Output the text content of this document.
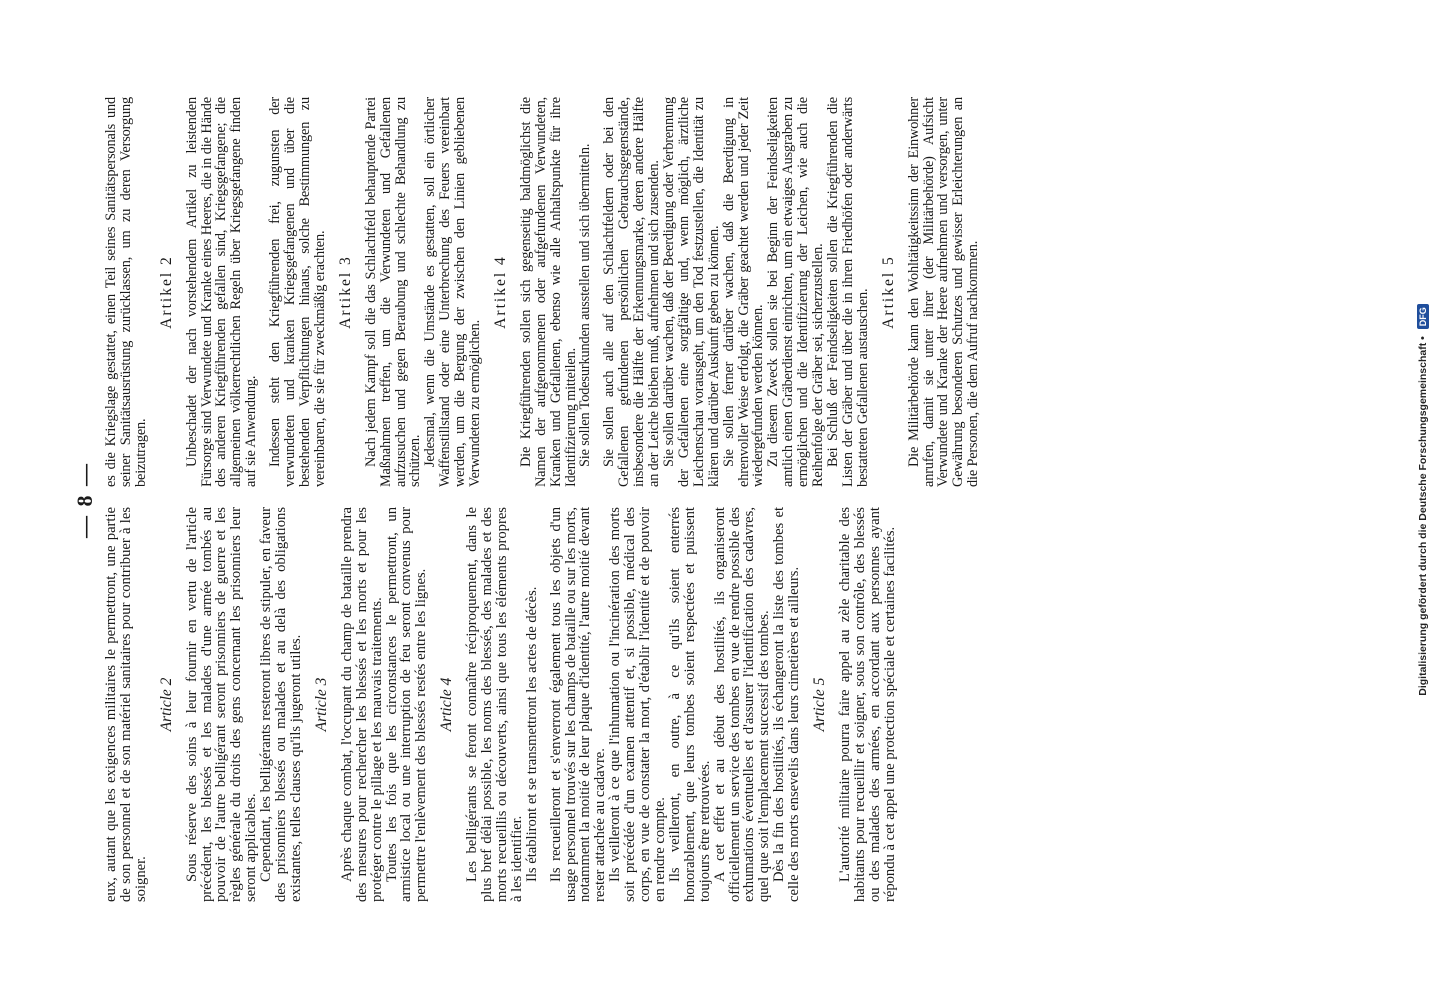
— 8 —

eux, autant que les exigences militaires le permettront, une partie de son personnel et de son matériel sanitaires pour contribuer à les soigner.

Article 2 Sous réserve des soins à leur fournir en vertu de l'article précédent, les blessés et les malades d'une armée tombés au pouvoir de l'autre belligérant seront prisonniers de guerre et les règles générale du droits des gens concernant les prisonniers leur seront applicables.

Cependant, les belligérants resteront libres de stipuler, en faveur des prisonniers blessés ou malades et au delà des obligations existantes, telles clauses qu'ils jugeront utiles. Article 3 Après chaque combat, l'occupant du champ de bataille prendra des mesures pour rechercher les blessés et les morts et pour les protéger contre le pillage et les mauvais traitements.

Toutes les fois que les circonstances le permettront, un armistice local ou une interruption de feu seront convenus pour permettre l'enlèvement des blessés restés entre les lignes. Article 4 Les belligérants se feront connaître réciproquement, dans le plus bref délai possible, les noms des blessés, des malades et des morts recueillis ou découverts, ainsi que tous les éléments propres à les identifier.

Ils établiront et se transmettront les actes de décès. Ils recueilleront et s'enverront également tous les objets d'un usage personnel trouvés sur les champs de bataille ou sur les morts, notamment la moitié de leur plaque d'identité, l'autre moitié devant rester attachée au cadavre.

Ils veilleront à ce que l'inhumation ou l'incinération des morts soit précédée d'un examen attentif et, si possible, médical des corps, en vue de constater la mort, d'établir l'identité et de pouvoir en rendre compte.

Ils veilleront, en outre, à ce qu'ils soient enterrés honorablement, que leurs tombes soient respectées et puissent toujours être retrouvées.

A cet effet et au début des hostilités, ils organiseront officiellement un service des tombes en vue de rendre possible des exhumations éventuelles et d'assurer l'identification des cadavres, quel que soit l'emplacement successif des tombes.

Dès la fin des hostilités, ils échangeront la liste des tombes et celle des morts ensevelis dans leurs cimetières et ailleurs. Article 5 L'autorité militaire pourra faire appel au zèle charitable des habitants pour recueillir et soigner, sous son contrôle, des blessés ou des malades des armées, en accordant aux personnes ayant répondu à cet appel une protection spéciale et certaines facilités.

es die Kriegslage gestattet, einen Teil seines Sanitätspersonals und seiner Sanitätsausrüstung zurücklassen, um zu deren Versorgung beizutragen.

Artikel 2 Unbeschadet der nach vorstehendem Artikel zu leistenden Fürsorge sind Verwundete und Kranke eines Heeres, die in die Hände des anderen Kriegführenden gefallen sind, Kriegsgefangene; die allgemeinen völkerrechtlichen Regeln über Kriegsgefangene finden auf sie Anwendung. Indessen steht den Kriegführenden frei, zugunsten der verwundeten und kranken Kriegsgefangenen und über die bestehenden Verpflichtungen hinaus, solche Bestimmungen zu vereinbaren, die sie für zweckmäßig erachten. Artikel 3 Nach jedem Kampf soll die das Schlachtfeld behauptende Partei Maßnahmen treffen, um die Verwundeten und Gefallenen aufzusuchen und gegen Beraubung und schlechte Behandlung zu schützen.

Jedesmal, wenn die Umstände es gestatten, soll ein örtlicher Waffenstillstand oder eine Unterbrechung des Feuers vereinbart werden, um die Bergung der zwischen den Linien gebliebenen Verwundeten zu ermöglichen.

Artikel 4 Die Kriegführenden sollen sich gegenseitig baldmöglichst die Namen der aufgenommenen oder aufgefundenen Verwundeten, Kranken und Gefallenen, ebenso wie alle Anhaltspunkte für ihre Identifizierung mitteilen.

Sie sollen Todesurkunden ausstellen und sich übermitteln. Sie sollen auch alle auf den Schlachtfeldern oder bei den Gefallenen gefundenen persönlichen Gebrauchsgegenstände, insbesondere die Hälfte der Erkennungsmarke, deren andere Hälfte an der Leiche bleiben muß, aufnehmen und sich zusenden.

Sie sollen darüber wachen, daß der Beerdigung oder Verbrennung der Gefallenen eine sorgfältige und, wenn möglich, ärztliche Leichenschau vorausgeht, um den Tod festzustellen, die Identität zu klären und darüber Auskunft geben zu können.

Sie sollen ferner darüber wachen, daß die Beerdigung in ehrenvoller Weise erfolgt, die Gräber geachtet werden und jeder Zeit wiedergefunden werden können.

Zu diesem Zweck sollen sie bei Beginn der Feindseligkeiten amtlich einen Gräberdienst einrichten, um ein etwaiges Ausgraben zu ermöglichen und die Identifizierung der Leichen, wie auch die Reihenfolge der Gräber sei, sicherzustellen.

Bei Schluß der Feindseligkeiten sollen die Kriegführenden die Listen der Gräber und über die in ihren Friedhöfen oder anderwärts bestatteten Gefallenen austauschen. Artikel 5 Die Militärbehörde kann den Wohltätigkeitssinn der Einwohner anrufen, damit sie unter ihrer (der Militärbehörde) Aufsicht Verwundete und Kranke der Heere aufnehmen und versorgen, unter Gewährung besonderen Schutzes und gewisser Erleichterungen an die Personen, die dem Aufruf nachkommen.	Digitalisierung gefördert durch die Deutsche Forschungsgemeinschaft • DFG
